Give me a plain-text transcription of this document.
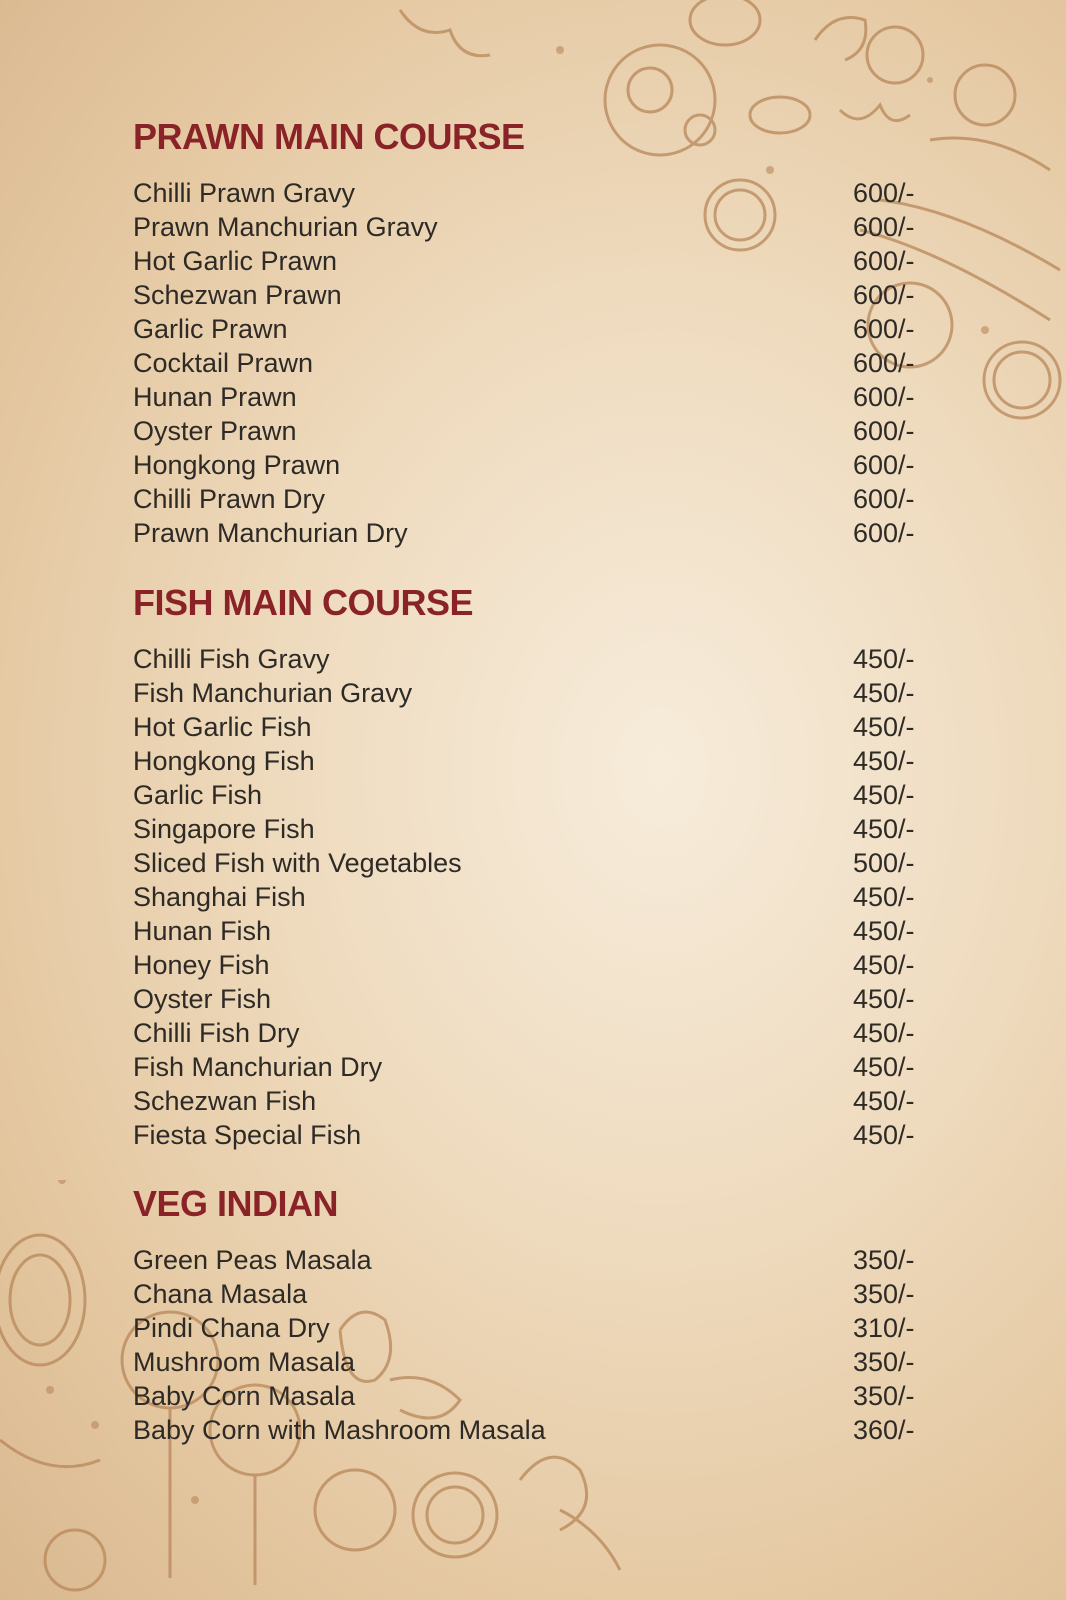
PRAWN MAIN COURSE
Chilli Prawn Gravy	600/-
Prawn Manchurian Gravy	600/-
Hot Garlic Prawn	600/-
Schezwan Prawn	600/-
Garlic Prawn	600/-
Cocktail Prawn	600/-
Hunan Prawn	600/-
Oyster Prawn	600/-
Hongkong Prawn	600/-
Chilli Prawn Dry	600/-
Prawn Manchurian Dry	600/-
FISH MAIN COURSE
Chilli Fish Gravy	450/-
Fish Manchurian Gravy	450/-
Hot Garlic Fish	450/-
Hongkong Fish	450/-
Garlic Fish	450/-
Singapore Fish	450/-
Sliced Fish with Vegetables	500/-
Shanghai Fish	450/-
Hunan Fish	450/-
Honey Fish	450/-
Oyster Fish	450/-
Chilli Fish Dry	450/-
Fish Manchurian Dry	450/-
Schezwan Fish	450/-
Fiesta Special Fish	450/-
VEG INDIAN
Green Peas Masala	350/-
Chana Masala	350/-
Pindi Chana Dry	310/-
Mushroom Masala	350/-
Baby Corn Masala	350/-
Baby Corn with Mashroom Masala	360/-
